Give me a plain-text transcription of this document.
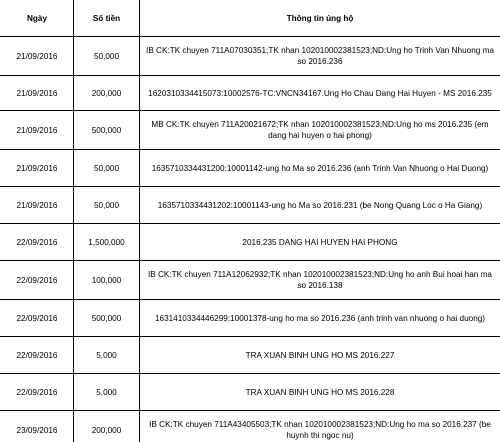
Ngày	Số tiền	Thông tin ủng hộ
21/09/2016	50,000	IB CK:TK chuyen 711A07030351;TK nhan 102010002381523;ND:Ung ho Trinh Van Nhuong ma so 2016.236
21/09/2016	200,000	1620310334415073:10002576-TC:VNCN34167.Ung Ho Chau Dang Hai Huyen - MS 2016.235
21/09/2016	500,000	MB CK:TK chuyen 711A20021672;TK nhan 102010002381523;ND:Ung ho ms 2016.235 (em dang hai huyen o hai phong)
21/09/2016	50,000	1635710334431200:10001142-ung ho Ma so 2016.236 (anh Trinh Van Nhuong o Hai Duong)
21/09/2016	50,000	1635710334431202:10001143-ung ho Ma so 2016.231 (be Nong Quang Loc o Ha Giang)
22/09/2016	1,500,000	2016.235 DANG HAI HUYEN HAI PHONG
22/09/2016	100,000	IB CK:TK chuyen 711A12062932;TK nhan 102010002381523;ND:Ung ho anh Bui hoai han ma so 2016.138
22/09/2016	500,000	1631410334446299:10001378-ung ho ma so 2016.236 (anh trinh van nhuong o hai duong)
22/09/2016	5,000	TRA XUAN BINH UNG HO MS 2016.227
22/09/2016	5,000	TRA XUAN BINH UNG HO MS 2016.228
23/09/2016	200,000	IB CK:TK chuyen 711A43405503;TK nhan 102010002381523;ND:Ung ho ma so 2016.237 (be huynh thi ngoc nu)
